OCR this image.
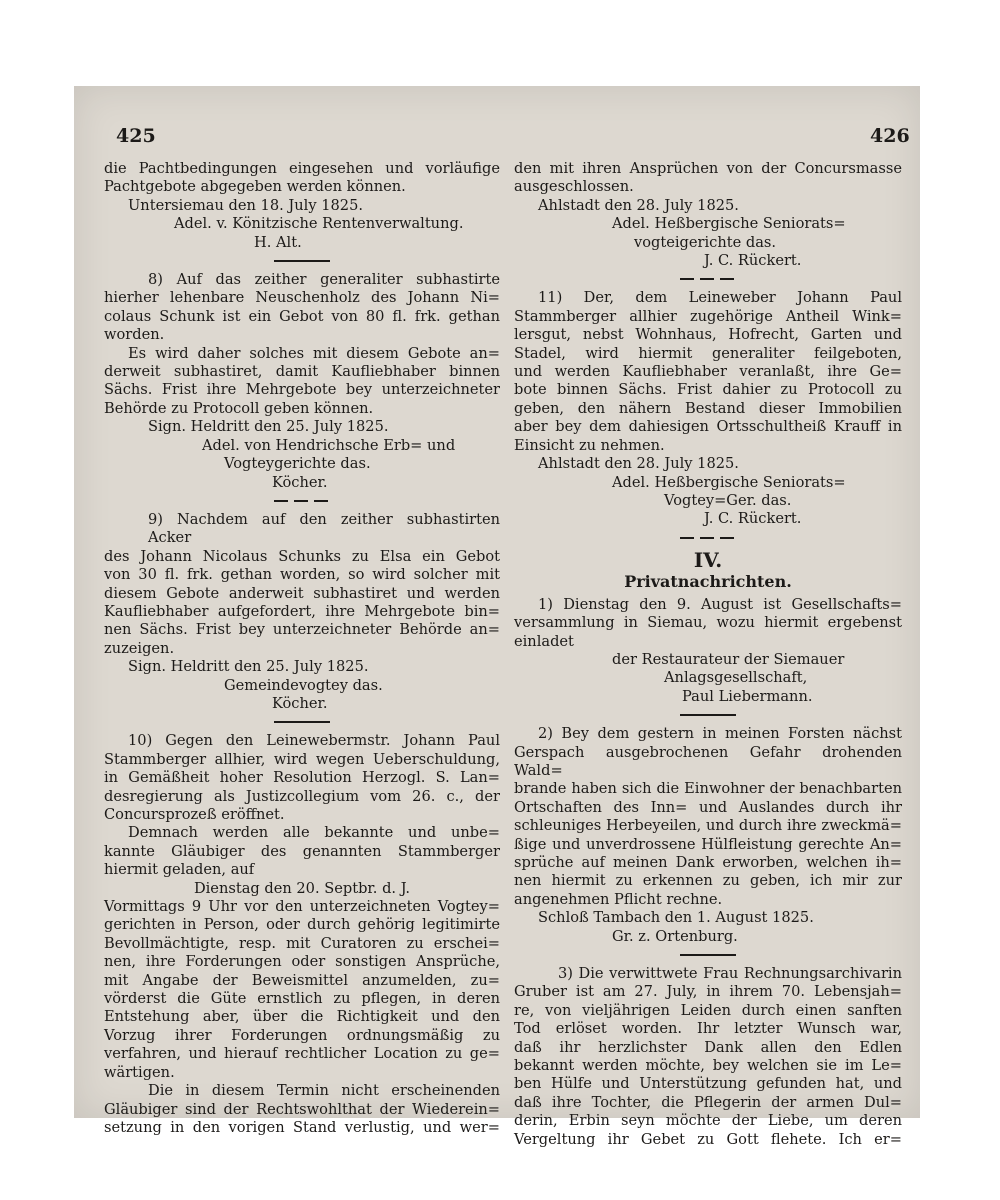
425	426
die Pachtbedingungen eingesehen und vorläufige
Pachtgebote abgegeben werden können.
Untersiemau den 18. July 1825.
Adel. v. Könitzische Rentenverwaltung.
H. Alt.
8) Auf das zeither generaliter subhastirte
hierher lehenbare Neuschenholz des Johann Ni=
colaus Schunk ist ein Gebot von 80 fl. frk. gethan
worden.
Es wird daher solches mit diesem Gebote an=
derweit subhastiret, damit Kaufliebhaber binnen
Sächs. Frist ihre Mehrgebote bey unterzeichneter
Behörde zu Protocoll geben können.
Sign. Heldritt den 25. July 1825.
Adel. von Hendrichsche Erb= und
Vogteygerichte das.
Köcher.
9) Nachdem auf den zeither subhastirten Acker
des Johann Nicolaus Schunks zu Elsa ein Gebot
von 30 fl. frk. gethan worden, so wird solcher mit
diesem Gebote anderweit subhastiret und werden
Kaufliebhaber aufgefordert, ihre Mehrgebote bin=
nen Sächs. Frist bey unterzeichneter Behörde an=
zuzeigen.
Sign. Heldritt den 25. July 1825.
Gemeindevogtey das.
Köcher.
10) Gegen den Leinewebermstr. Johann Paul
Stammberger allhier, wird wegen Ueberschuldung,
in Gemäßheit hoher Resolution Herzogl. S. Lan=
desregierung als Justizcollegium vom 26. c., der
Concursprozeß eröffnet.
Demnach werden alle bekannte und unbe=
kannte Gläubiger des genannten Stammberger
hiermit geladen, auf
Dienstag den 20. Septbr. d. J.
Vormittags 9 Uhr vor den unterzeichneten Vogtey=
gerichten in Person, oder durch gehörig legitimirte
Bevollmächtigte, resp. mit Curatoren zu erschei=
nen, ihre Forderungen oder sonstigen Ansprüche,
mit Angabe der Beweismittel anzumelden, zu=
vörderst die Güte ernstlich zu pflegen, in deren
Entstehung aber, über die Richtigkeit und den
Vorzug ihrer Forderungen ordnungsmäßig zu
verfahren, und hierauf rechtlicher Location zu ge=
wärtigen.
Die in diesem Termin nicht erscheinenden
Gläubiger sind der Rechtswohlthat der Wiederein=
setzung in den vorigen Stand verlustig, und wer=
den mit ihren Ansprüchen von der Concursmasse
ausgeschlossen.
Ahlstadt den 28. July 1825.
Adel. Heßbergische Seniorats=
vogteigerichte das.
J. C. Rückert.
11) Der, dem Leineweber Johann Paul
Stammberger allhier zugehörige Antheil Wink=
lersgut, nebst Wohnhaus, Hofrecht, Garten und
Stadel, wird hiermit generaliter feilgeboten,
und werden Kaufliebhaber veranlaßt, ihre Ge=
bote binnen Sächs. Frist dahier zu Protocoll zu
geben, den nähern Bestand dieser Immobilien
aber bey dem dahiesigen Ortsschultheiß Krauff in
Einsicht zu nehmen.
Ahlstadt den 28. July 1825.
Adel. Heßbergische Seniorats=
Vogtey=Ger. das.
J. C. Rückert.
IV.
Privatnachrichten.
1) Dienstag den 9. August ist Gesellschafts=
versammlung in Siemau, wozu hiermit ergebenst
einladet
der Restaurateur der Siemauer
Anlagsgesellschaft,
Paul Liebermann.
2) Bey dem gestern in meinen Forsten nächst
Gerspach ausgebrochenen Gefahr drohenden Wald=
brande haben sich die Einwohner der benachbarten
Ortschaften des Inn= und Auslandes durch ihr
schleuniges Herbeyeilen, und durch ihre zweckmä=
ßige und unverdrossene Hülfleistung gerechte An=
sprüche auf meinen Dank erworben, welchen ih=
nen hiermit zu erkennen zu geben, ich mir zur
angenehmen Pflicht rechne.
Schloß Tambach den 1. August 1825.
Gr. z. Ortenburg.
3) Die verwittwete Frau Rechnungsarchivarin
Gruber ist am 27. July, in ihrem 70. Lebensjah=
re, von vieljährigen Leiden durch einen sanften
Tod erlöset worden. Ihr letzter Wunsch war,
daß ihr herzlichster Dank allen den Edlen
bekannt werden möchte, bey welchen sie im Le=
ben Hülfe und Unterstützung gefunden hat, und
daß ihre Tochter, die Pflegerin der armen Dul=
derin, Erbin seyn möchte der Liebe, um deren
Vergeltung ihr Gebet zu Gott flehete. Ich er=
